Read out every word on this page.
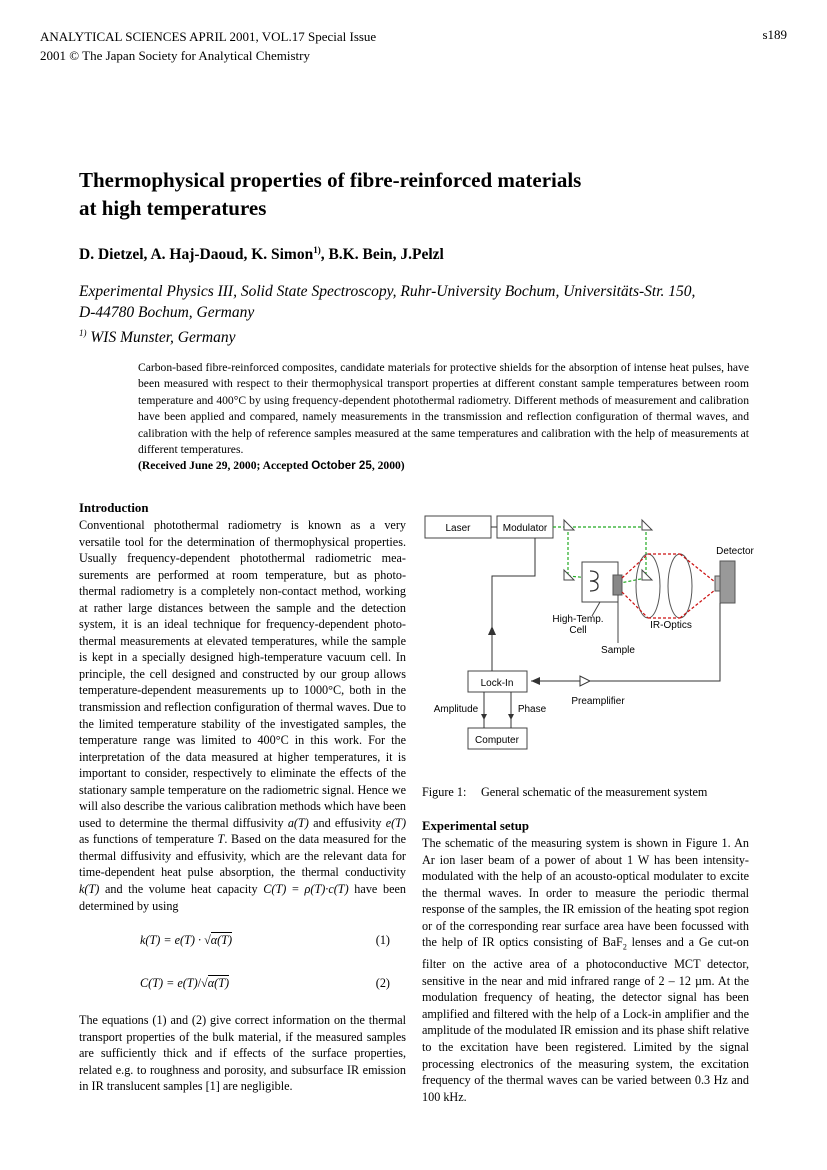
ANALYTICAL SCIENCES APRIL 2001, VOL.17 Special Issue
2001 © The Japan Society for Analytical Chemistry
s189
Thermophysical properties of fibre-reinforced materials
at high temperatures
D. Dietzel, A. Haj-Daoud, K. Simon$^{1)}$, B.K. Bein, J.Pelzl
Experimental Physics III, Solid State Spectroscopy, Ruhr-University Bochum, Universitäts-Str. 150,
D-44780 Bochum, Germany
$^{1)}$ WIS Munster, Germany
Carbon-based fibre-reinforced composites, candidate materials for protective shields for the absorption of intense heat pulses, have been measured with respect to their thermophysical transport properties at different constant sample temperatures between room temperature and 400°C by using frequency-dependent photothermal radiometry. Different methods of measurement and calibration have been applied and compared, namely measurements in the transmission and reflection configuration of thermal waves, and calibration with the help of reference samples measured at the same temperatures and calibration with the help of measurements at different temperatures.
(Received June 29, 2000; Accepted October 25, 2000)
Introduction

Conventional photothermal radiometry is known as a very versatile tool for the determination of thermophysical properties. Usually frequency-dependent photothermal radiometric mea-surements are performed at room temperature, but as photo-thermal radiometry is a completely non-contact method, working at rather large distances between the sample and the detection system, it is an ideal technique for frequency-dependent photo-thermal measurements at elevated temperatures, while the sample is kept in a specially designed high-temperature vacuum cell. In principle, the cell designed and constructed by our group allows temperature-dependent measurements up to 1000°C, both in the transmission and reflection configuration of thermal waves. Due to the limited temperature stability of the investigated samples, the temperature range was limited to 400°C in this work. For the interpretation of the data measured at higher temperatures, it is important to consider, respectively to eliminate the effects of the stationary sample temperature on the radiometric signal. Hence we will also describe the various calibration methods which have been used to determine the thermal diffusivity a(T) and effusivity e(T) as functions of temperature T. Based on the data measured for the thermal diffusivity and effusivity, which are the relevant data for time-dependent heat pulse absorption, the thermal conductivity k(T) and the volume heat capacity C(T) = ρ(T)·c(T) have been determined by using

k(T) = e(T) · √α(T)	(1)
C(T) = e(T)/√α(T)	(2)

The equations (1) and (2) give correct information on the thermal transport properties of the bulk material, if the measured samples are sufficiently thick and if effects of the surface properties, related e.g. to roughness and porosity, and subsurface IR emission in IR translucent samples [1] are negligible.

Laser	Modulator
Detector
High-Temp.
Cell	IR-Optics
Sample
Preamplifier
Lock-In
Computer
Amplitude	Phase
Figure 1: General schematic of the measurement system
Experimental setup

The schematic of the measuring system is shown in Figure 1. An Ar ion laser beam of a power of about 1 W has been intensity-modulated with the help of an acousto-optical modulater to excite the thermal waves. In order to measure the periodic thermal response of the samples, the IR emission of the heating spot region or of the corresponding rear surface area have been focussed with the help of IR optics consisting of BaF$_2$ lenses and a Ge cut-on filter on the active area of a photoconductive MCT detector, sensitive in the near and mid infrared range of 2 – 12 µm. At the modulation frequency of heating, the detector signal has been amplified and filtered with the help of a Lock-in amplifier and the amplitude of the modulated IR emission and its phase shift relative to the excitation have been registered. Limited by the signal processing electronics of the measuring system, the excitation frequency of the thermal waves can be varied between 0.3 Hz and 100 kHz.
